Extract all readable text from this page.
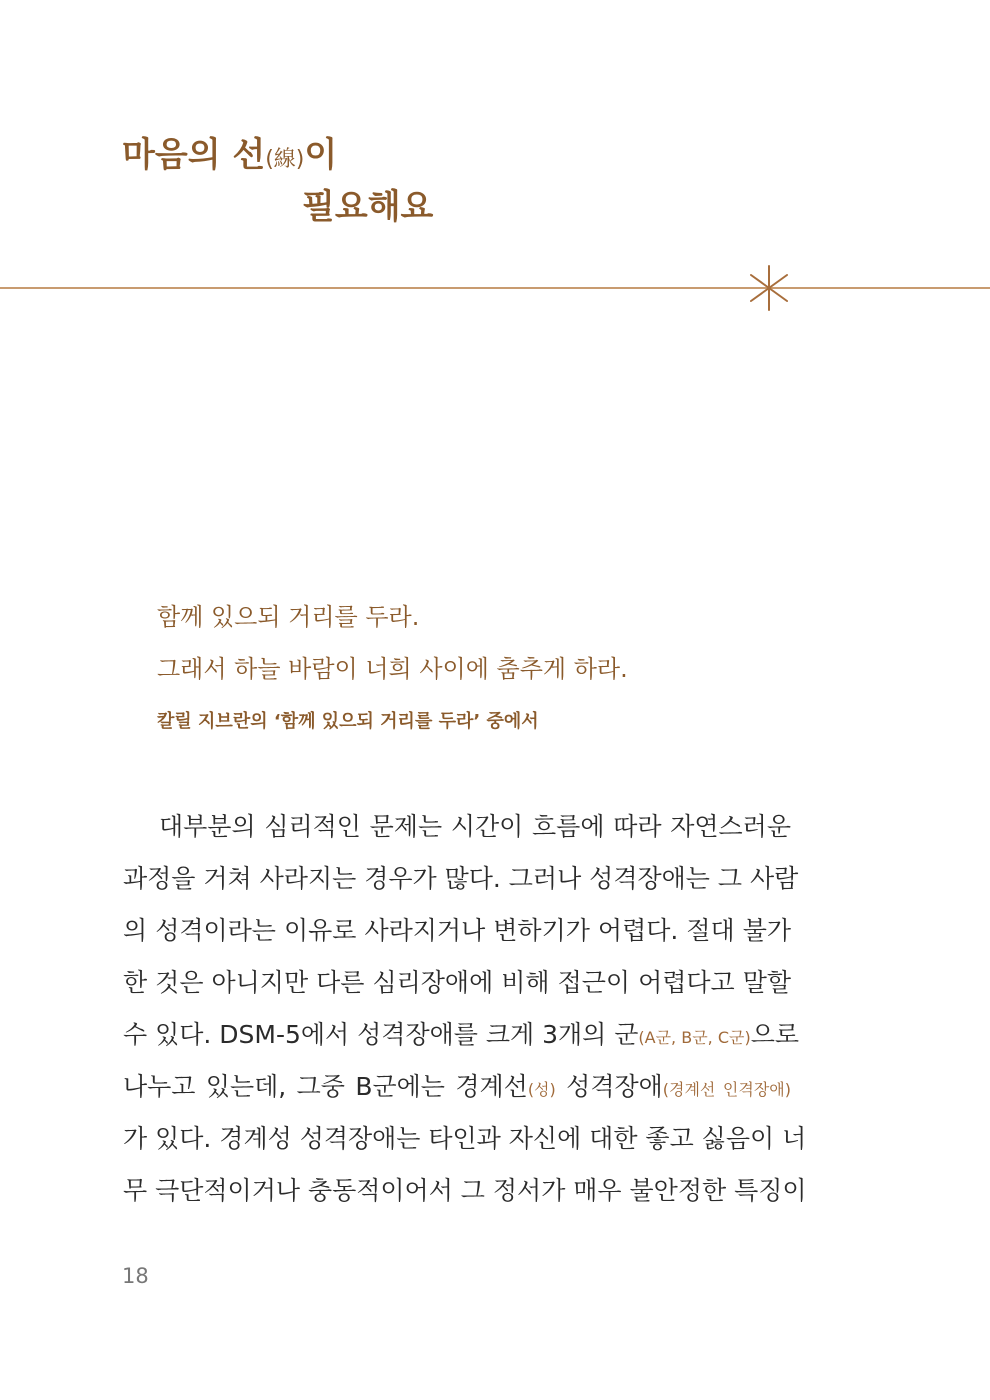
마음의 선(線)이
필요해요

함께 있으되 거리를 두라.

그래서 하늘 바람이 너희 사이에 춤추게 하라.

칼릴 지브란의 ‘함께 있으되 거리를 두라’ 중에서

대부분의 심리적인 문제는 시간이 흐름에 따라 자연스러운

과정을 거쳐 사라지는 경우가 많다. 그러나 성격장애는 그 사람

의 성격이라는 이유로 사라지거나 변하기가 어렵다. 절대 불가

한 것은 아니지만 다른 심리장애에 비해 접근이 어렵다고 말할

수 있다. DSM-5에서 성격장애를 크게 3개의 군(A군, B군, C군)으로

나누고 있는데, 그중 B군에는 경계선(성) 성격장애(경계선 인격장애)

가 있다. 경계성 성격장애는 타인과 자신에 대한 좋고 싫음이 너

무 극단적이거나 충동적이어서 그 정서가 매우 불안정한 특징이

18
